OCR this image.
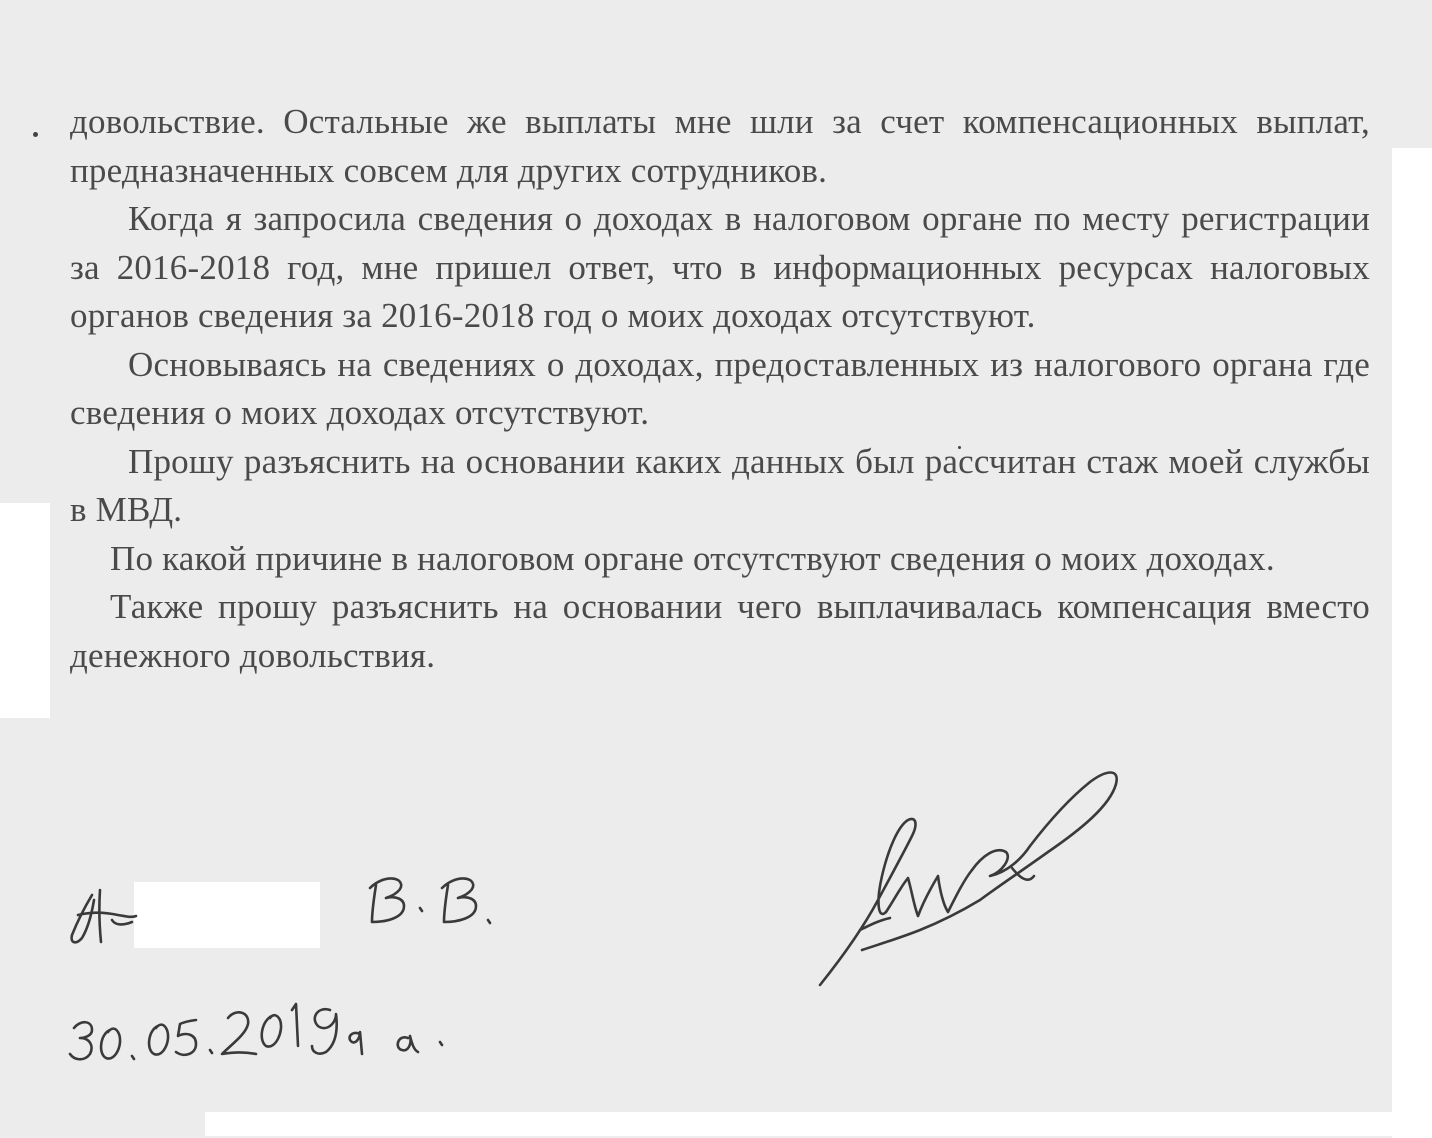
довольствие. Остальные же выплаты мне шли за счет компенсационных выплат, предназначенных совсем для других сотрудников.

Когда я запросила сведения о доходах в налоговом органе по месту регистрации за 2016-2018 год, мне пришел ответ, что в информационных ресурсах налоговых органов сведения за 2016-2018 год о моих доходах отсутствуют.

Основываясь на сведениях о доходах, предоставленных из налогового органа где сведения о моих доходах отсутствуют.

Прошу разъяснить на основании каких данных был рассчитан стаж моей службы в МВД.

По какой причине в налоговом органе отсутствуют сведения о моих доходах.

Также прошу разъяснить на основании чего выплачивалась компенсация вместо денежного довольствия.
